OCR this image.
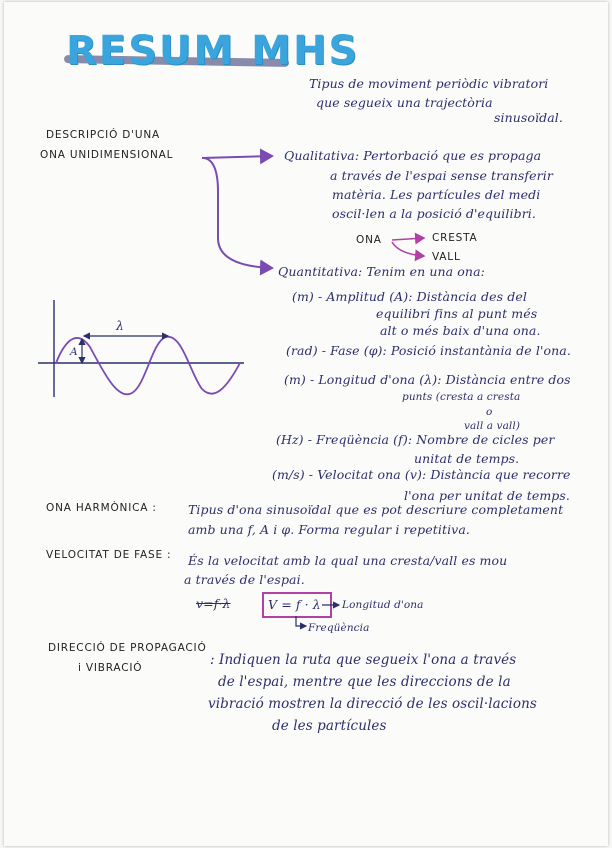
RESUM MHS
Tipus de moviment periòdic vibratori
que segueix una trajectòria
sinusoïdal.
DESCRIPCIÓ D'UNA
ONA UNIDIMENSIONAL	Qualitativa: Pertorbació que es propaga
a través de l'espai sense transferir
matèria. Les partícules del medi
oscil·len a la posició d'equilibri.
ONA	CRESTA
VALL
Quantitativa: Tenim en una ona:
(m) - Amplitud (A): Distància des del
equilibri fins al punt més
alt o més baix d'una ona.
(rad) - Fase (φ): Posició instantània de l'ona.
(m) - Longitud d'ona (λ): Distància entre dos
punts (cresta a cresta
o
vall a vall)
(Hz) - Freqüència (f): Nombre de cicles per
unitat de temps.
(m/s) - Velocitat ona (v): Distància que recorre
l'ona per unitat de temps.
λ
A
ONA HARMÒNICA :	Tipus d'ona sinusoïdal que es pot descriure completament
amb una f, A i φ. Forma regular i repetitiva.
VELOCITAT DE FASE : És la velocitat amb la qual una cresta/vall es mou
a través de l'espai.
v=f·λ	V = f · λ Longitud d'ona
Freqüència
DIRECCIÓ DE PROPAGACIÓ
i VIBRACIÓ	: Indiquen la ruta que segueix l'ona a través
de l'espai, mentre que les direccions de la
vibració mostren la direcció de les oscil·lacions
de les partícules
